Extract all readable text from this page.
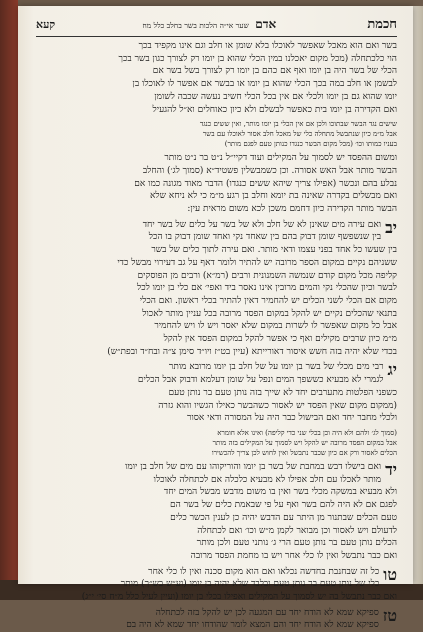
חכמת
אדם שער אי״ה הלכות בשר בחלב כלל מח
קעא
בשר ואם הוא מאכל שאפשר לאוכלו בלא שומן או חלב וגם אינו מקפיד בכך
הוי כלכתחלה (מכל מקום יאכלנו במין הכלי שהוא בן יומו רק לצורך כגון בשר בכך
הכלי של בשר היה בן יומו ואף אם כהם בן יומו רק לצורך בשל בשר אם
לבשמן או חלב במה בכך הכלי שהוא בן יומו או בבשר אם אפשר לו לאוכלו בן
יומו שהוא גם בן יומו ולכלי אם אין בכל הכלי חשיב נעשה שכבה לשומן
ואם הקדירה בן יומו בית כאפשר לבשלם ולא כיון כאוחלים וא״ל להגעיל
שישים נגד הבשר שבתוכו ולכן אם אין הכלי בן יומו מותר, ואין ששים כנגד
אבל מ״מ כיון שנתבשל מתחלה כלי של מאכל חלב אסור לאוכלו עם בשר
בעניו כמותו וכו׳ (מכל מקום הבשר כנגדו כנותן טעם לפגם מותר)
ומשום ההפסד יש לסמוך על המקילים ועוד דקיי״ל נ״ט בר נ״ט מותר
הבשר מותר אבל האש אסורה. וכן כשמבשלין פשטיד״א (סמוך לג׳) והחלב
נבלע בהם ונכשר (אפילו צריך שיהא ששים כנגדו) הדבר מאוד מגונה כמו אם
ואם מבשלים בקדרה שאינה בת יומא וחלב בן רגע מ״מ כי לא ניחא שלא
הבשר מותר הקדירה כיון דחמם משכן לכא משום מראית עין:
יב
ואם עירה מים שאינן לא של חלב ולא של בשר על כלים של בשר יחד
בין שנשפשף שומן דבוק בהם בין שאחד נקי ואחד שומן דבוק בו הכל
בין שעשו כל אחד בפני עצמו ודאי מותר. ואם עירה לתוך כלים של בשר
ששניהם נקיים במקום הספר מרובה יש להתיר ולומר דאף על גב דעירוי מבשל כדי
קליפה מכל מקום קודם שנמשה השמנונית ורבים (רמ״א) ורבים מן הפוסקים
לבשר וכיון שהכלי נקי והמים מרובין אינו נאסר ביד ואפי׳ אם כלי בן יומו לכל
מקום אם הכלי לשני הכלים יש להחמיר דאין להתיר בכלי ראשון. ואם הכלי
בתנאי שהכלים נקיים יש להקל במקום הפסד מרובה בכל עניין מותר לאכול
אבל כל מקום שאפשר לו לשרות במקום שלא יאסר ויש לו ויש להחמיר
מ״מ כיון שרבים מקילים ואף כי אפשר להקל במקום הפסד אין להקל
בכדי שלא יהיה בזה חשש איסור דאורייתא (עיין בט״ז ויו״ד סימן צ״ה ובח״ד ובפת״ש)
יג
רבי מים מכלי של בשר בן יומו על של חלב בן יומו מרובא מותר
לגמרי לא מבעיא כששפך המים ונפל על שומן דעלמא ודבוק אבל הכלים
כשפני הפלטות מתערבים יחד לא שייך בזה נותן טעם בר נותן טעם
(ממקום מקום שאין הפסד יש לאסור כשהבשר כאילו הגשיו והוא גזרה
ולכלי מחבר יחד ואם הבישול כבר היה על המסורה ודאי אסור
(סמוך לג׳ ולהם ולא היה וכן בכלי שני כדי קליפה) ואינו אלא חומרא
אבל במקום הפסד מרובה יש להקל ויש לסמוך על המקילים בזה מותר
הכלים לאסור ורק אם כיון שכבר נתבשל ואין לחוש לכן צריך להכשירו
יד
ואם בישלו דבש במחבת של בשר בן יומו והוריקוהו עם מים של חלב בן יומו
מותר לאכלו עם חלב אפילו לא מבעיא כלכלה אם לכתחלה לאוכלו
ולא מבעיא במשקה מכלי בשר ואין בו משום מדבש מבשל המים יחד
לפגם אם לא היה להם בשר ואף על פי שבאמת כלים של בשר הם
טעם הכלים שבתנור מן היתר עם הדבש יהיה כן לענין הכשר כלים
לדעולם ויש לאסור וכן מבואר לקמן מ״ש וכו׳ ואם לכתחלה
הכלים נותן טעם בר נותן טעם הרי ג׳ נותני טעם ולכן מותר
ואם כבר נתבשל ואין לו כלי אחר ויש בו מחמת הפסד מרובה
טו
כל זה שבחנבת בחדשה נכלאו ואם הוא מקום סכנה ואין לו כלי אחר
כלי של נותן טעם בר נותן טעם ובלבד שלא יהיה בן יומו (וע״ש בש״ך) מותר
ואם כבר נתבשל בה יש לסמוך על המקילים ואפילו בכלי בן יומו (ועיין לעיל כלל מ״ח סי׳ י״ג)
טז
ספיקא שמא לא הודח יחד עם המגעה לכן יש להקל בזה לכתחלה
ספיקא שמא לא הודח יחד והם המצא לומר שהודחו יחד שמא לא היה בם
